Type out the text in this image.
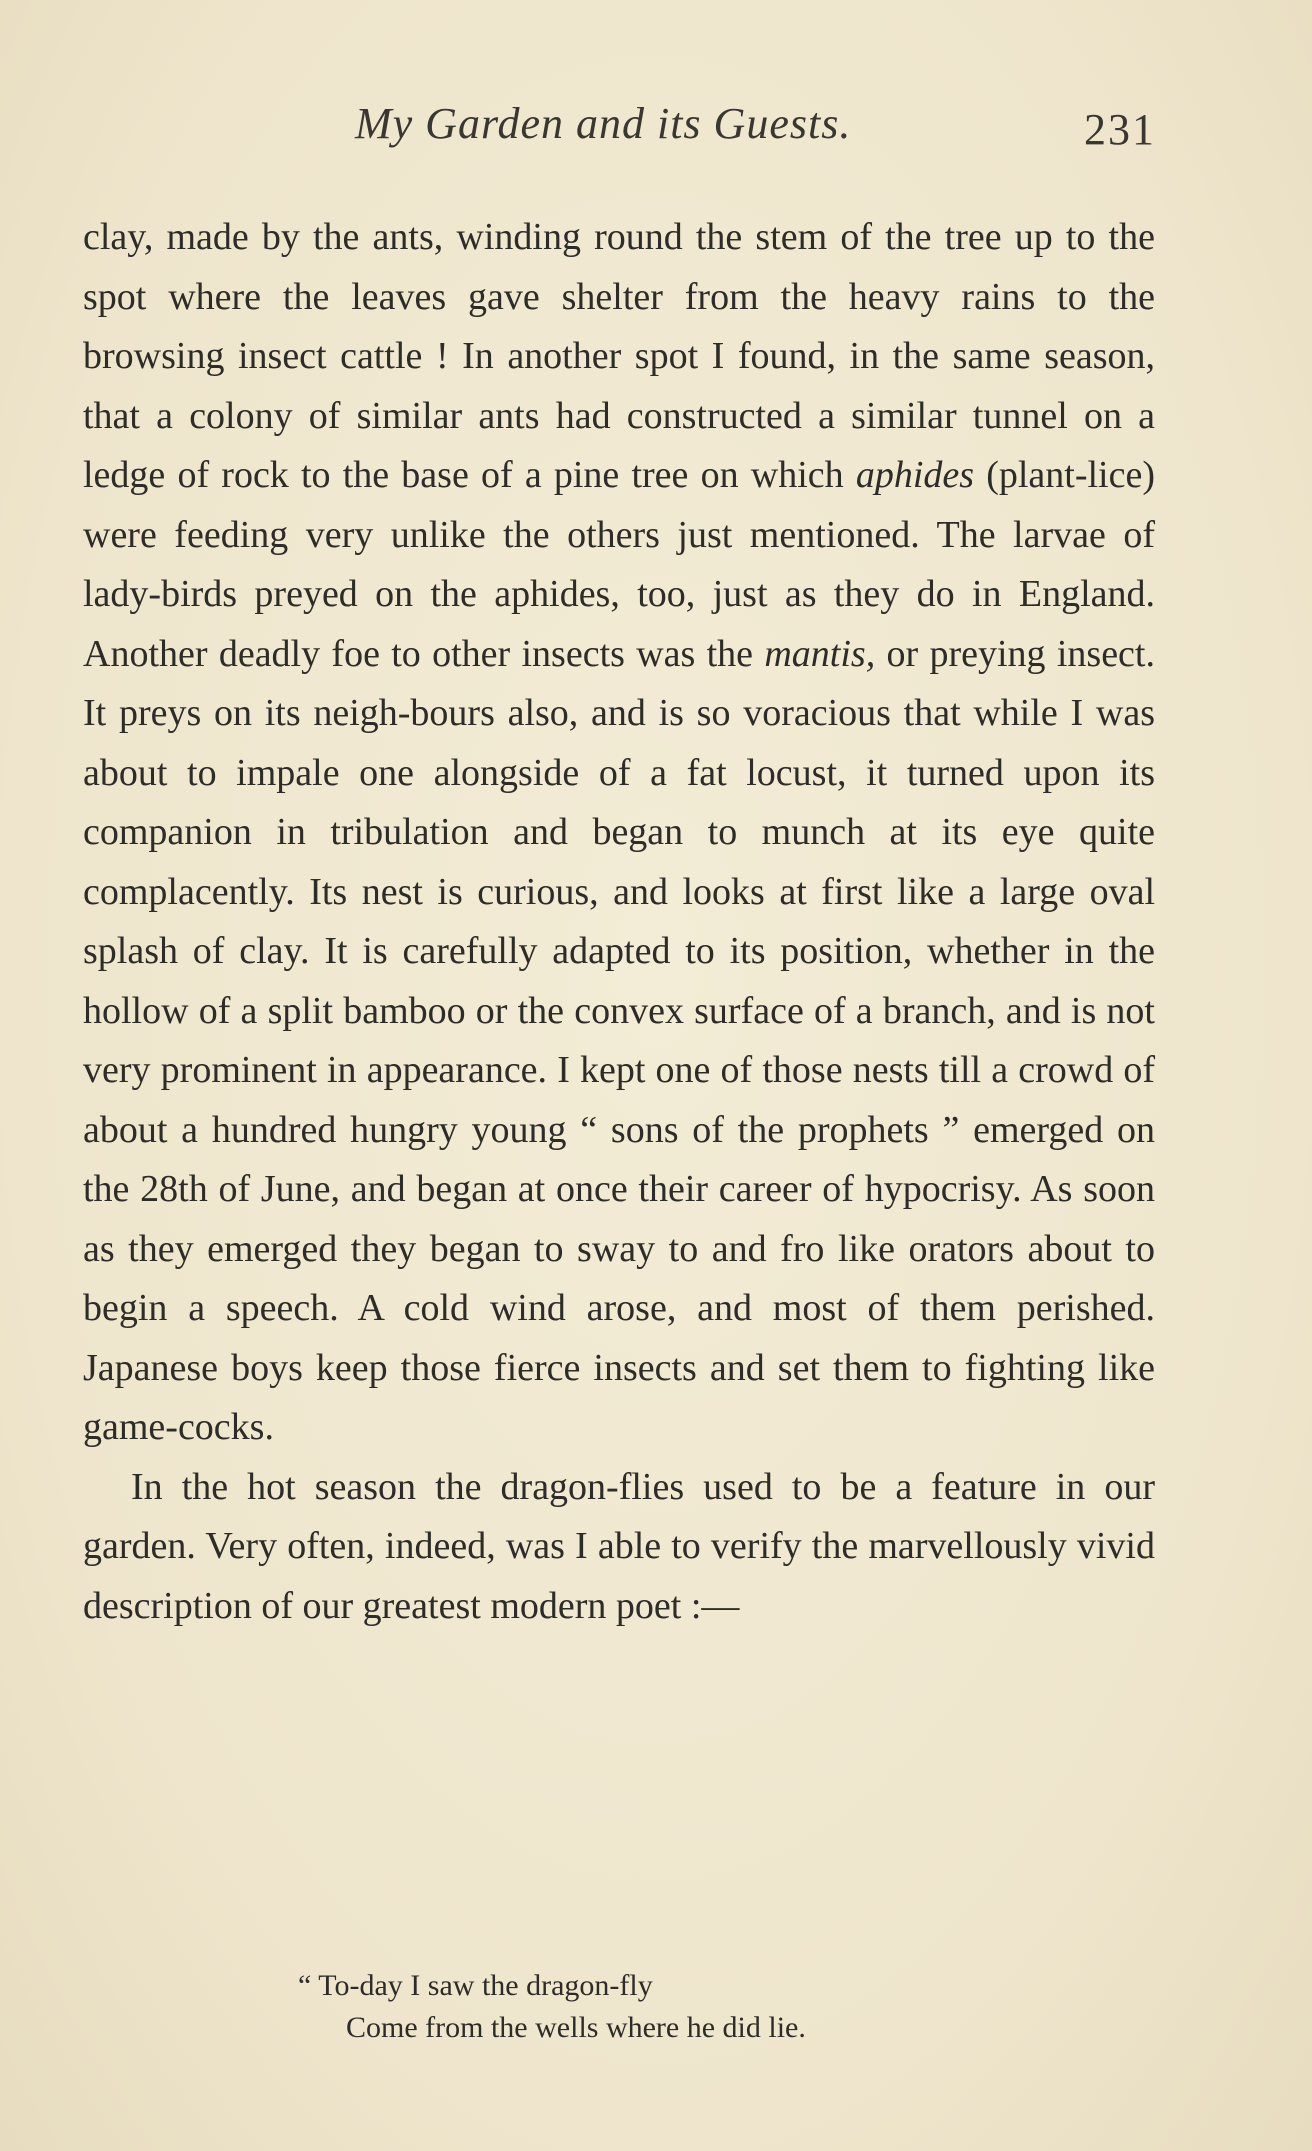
My Garden and its Guests.	231

clay, made by the ants, winding round the stem of the tree up to the spot where the leaves gave shelter from the heavy rains to the browsing insect cattle ! In another spot I found, in the same season, that a colony of similar ants had constructed a similar tunnel on a ledge of rock to the base of a pine tree on which aphides (plant-lice) were feeding very unlike the others just mentioned. The larvae of lady-birds preyed on the aphides, too, just as they do in England. Another deadly foe to other insects was the mantis, or preying insect. It preys on its neigh-bours also, and is so voracious that while I was about to impale one alongside of a fat locust, it turned upon its companion in tribulation and began to munch at its eye quite complacently. Its nest is curious, and looks at first like a large oval splash of clay. It is carefully adapted to its position, whether in the hollow of a split bamboo or the convex surface of a branch, and is not very prominent in appearance. I kept one of those nests till a crowd of about a hundred hungry young “ sons of the prophets ” emerged on the 28th of June, and began at once their career of hypocrisy. As soon as they emerged they began to sway to and fro like orators about to begin a speech. A cold wind arose, and most of them perished. Japanese boys keep those fierce insects and set them to fighting like game-cocks.

In the hot season the dragon-flies used to be a feature in our garden. Very often, indeed, was I able to verify the marvellously vivid description of our greatest modern poet :—

“ To-day I saw the dragon-fly
Come from the wells where he did lie.
